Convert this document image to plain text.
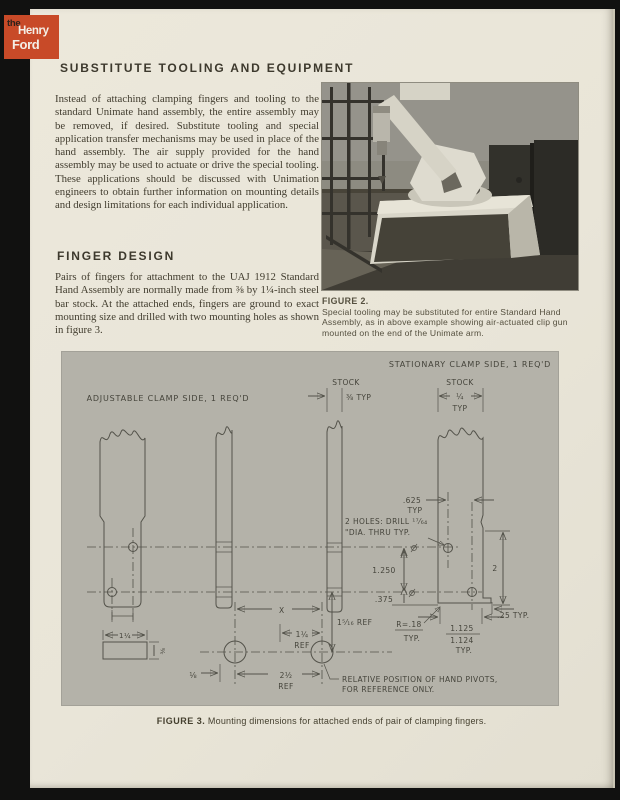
SUBSTITUTE TOOLING AND EQUIPMENT
Instead of attaching clamping fingers and tooling to the standard Unimate hand assembly, the entire assembly may be removed, if desired. Substitute tooling and special application transfer mechanisms may be used in place of the hand assembly. The air supply provided for the hand assembly may be used to actuate or drive the special tooling. These applications should be discussed with Unimation engineers to obtain further information on mounting details and design limitations for each individual application.
FINGER DESIGN
Pairs of fingers for attachment to the UAJ 1912 Standard Hand Assembly are normally made from ⅜ by 1¼-inch steel bar stock. At the attached ends, fingers are ground to exact mounting size and drilled with two mounting holes as shown in figure 3.
FIGURE 2.
Special tooling may be substituted for entire Standard Hand Assembly, as in above example showing air-actuated clip gun mounted on the end of the Unimate arm.
STATIONARY CLAMP SIDE, 1 REQ'D
ADJUSTABLE CLAMP SIDE, 1 REQ'D
STOCK
⅜ TYP
STOCK
¼
TYP
.625
TYP
2 HOLES: DRILL ¹⁷⁄₆₄
"DIA. THRU TYP.
1.250
.375
2
.25 TYP.
1.125
1.124
TYP.
R=.18
TYP.
1⁵⁄₁₆ REF
X
1¼
REF
⅛	2½
REF
1¼
⅜
RELATIVE POSITION OF HAND PIVOTS,
FOR REFERENCE ONLY.
FIGURE 3. Mounting dimensions for attached ends of pair of clamping fingers.
the
Henry
Ford
